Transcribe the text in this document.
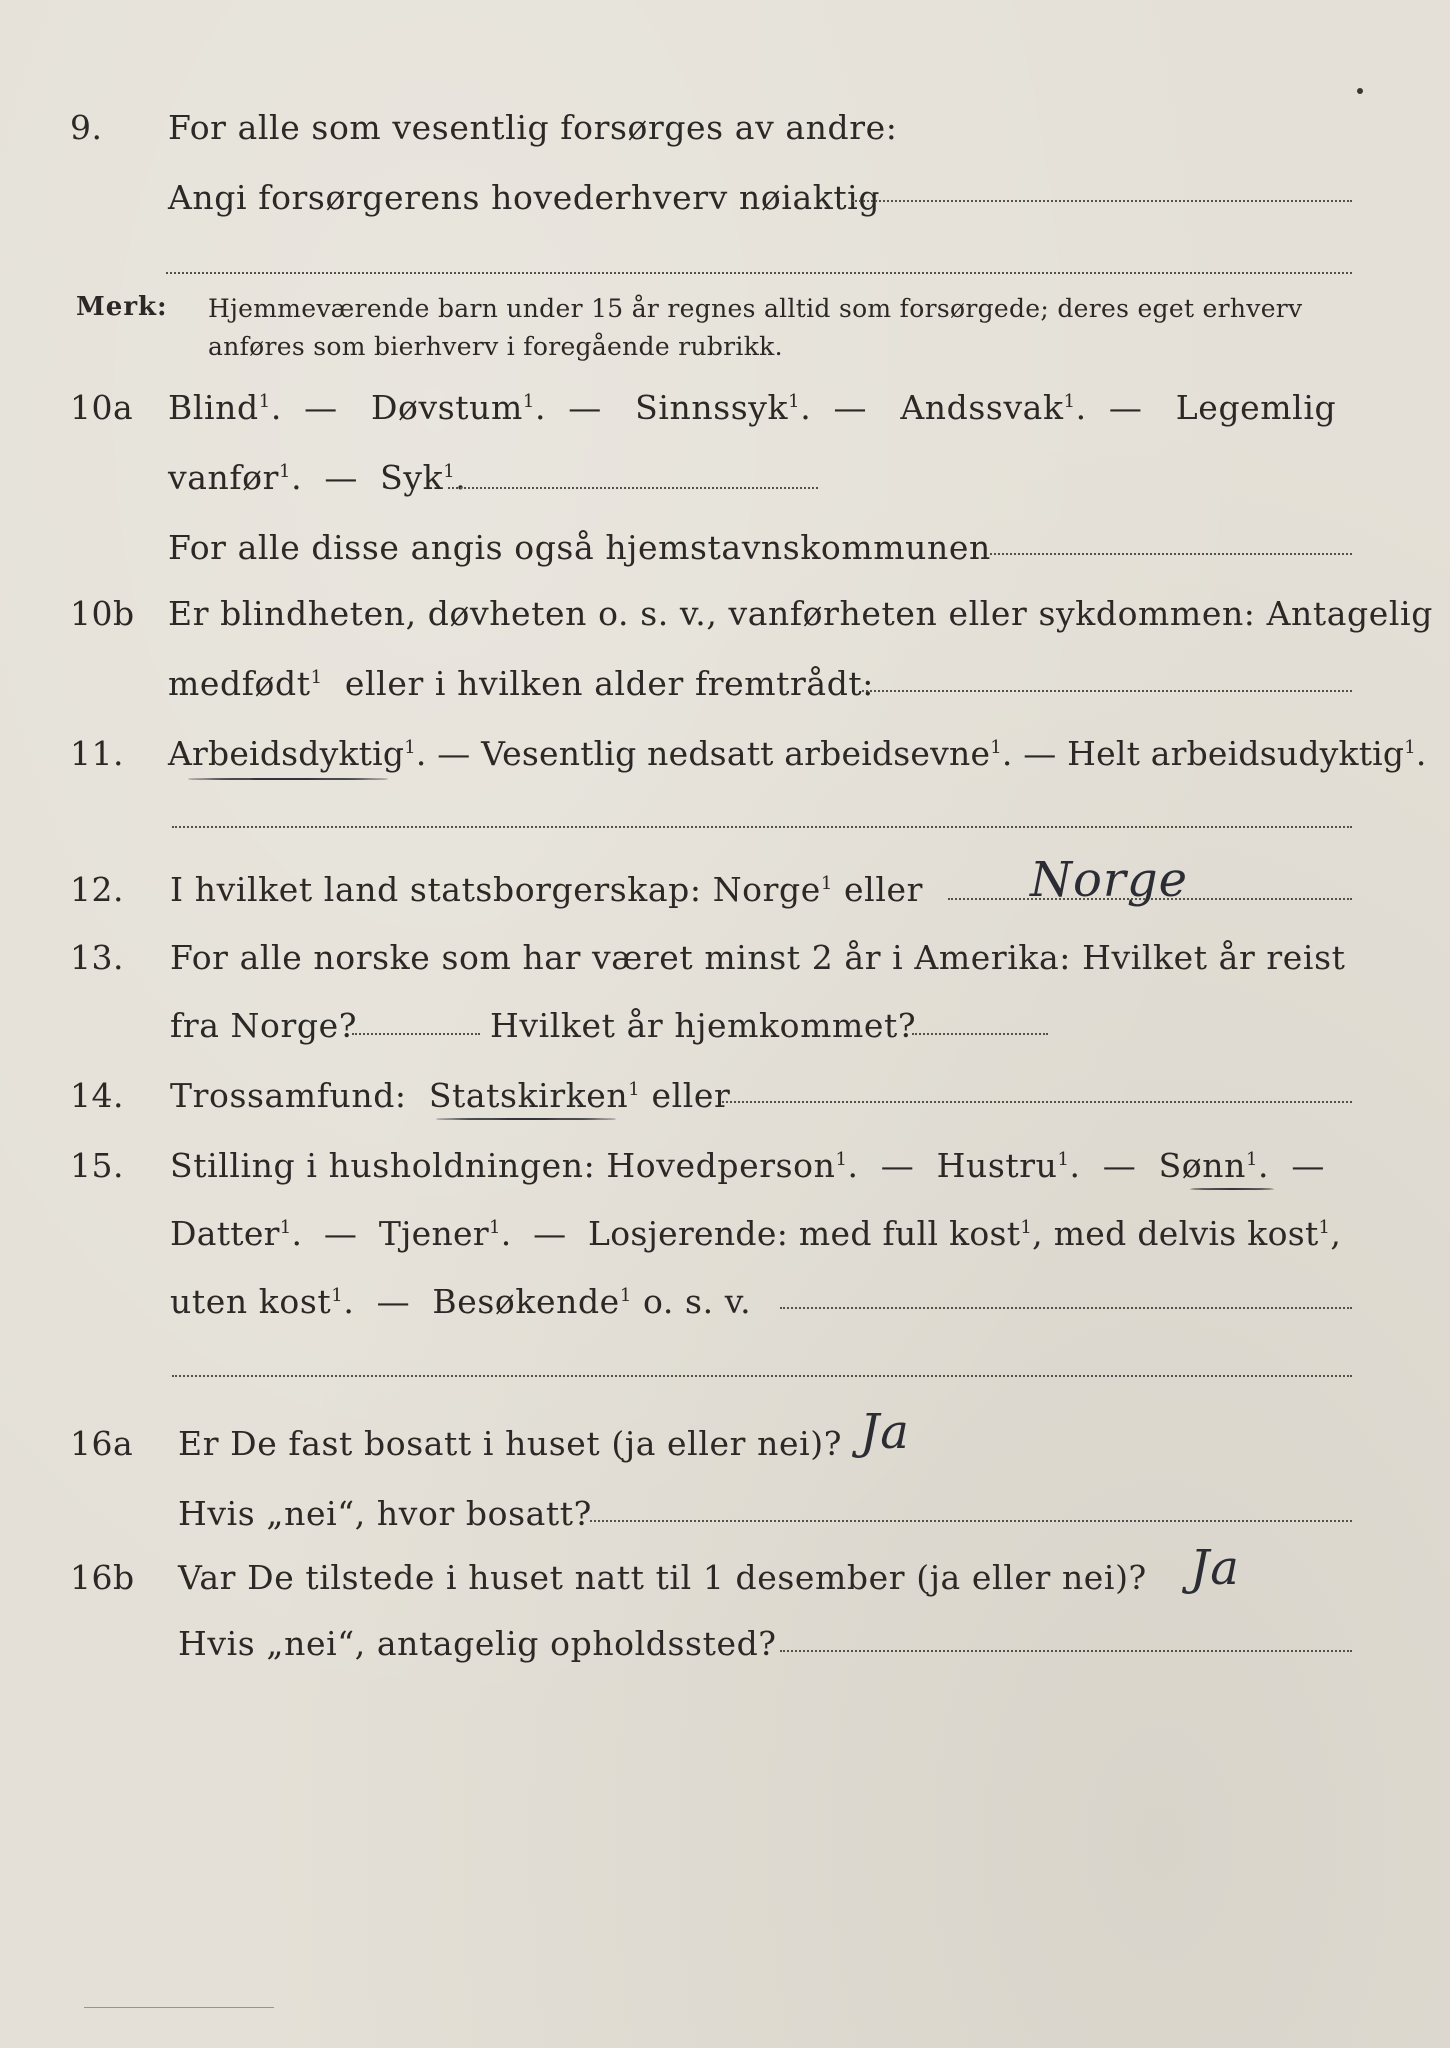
9. For alle som vesentlig forsørges av andre:
Angi forsørgerens hovederhverv nøiaktig
Merk: Hjemmeværende barn under 15 år regnes alltid som forsørgede; deres eget erhverv
anføres som bierhverv i foregående rubrikk.
10a Blind$^1$.  — Døvstum$^1$.  — Sinnssyk$^1$.  — Andssvak$^1$.  — Legemlig
vanfør$^1$.  — Syk$^1$.
For alle disse angis også hjemstavnskommunen
10b Er blindheten, døvheten o. s. v., vanførheten eller sykdommen: Antagelig
medfødt$^1$ eller i hvilken alder fremtrådt:
11. Arbeidsdyktig$^1$. — Vesentlig nedsatt arbeidsevne$^1$. — Helt arbeidsudyktig$^1$.
12. I hvilket land statsborgerskap: Norge$^1$ eller Norge
13. For alle norske som har været minst 2 år i Amerika: Hvilket år reist
fra Norge?	Hvilket år hjemkommet?
14. Trossamfund: Statskirken$^1$ eller
15. Stilling i husholdningen: Hovedperson$^1$.  — Hustru$^1$.  — Sønn$^1$.  —
Datter$^1$.  — Tjener$^1$.  — Losjerende: med full kost$^1$, med delvis kost$^1$,
uten kost$^1$.  — Besøkende$^1$ o. s. v.
16a Er De fast bosatt i huset (ja eller nei)? Ja
Hvis „nei“, hvor bosatt?
16b Var De tilstede i huset natt til 1 desember (ja eller nei)? Ja
Hvis „nei“, antagelig opholdssted?
